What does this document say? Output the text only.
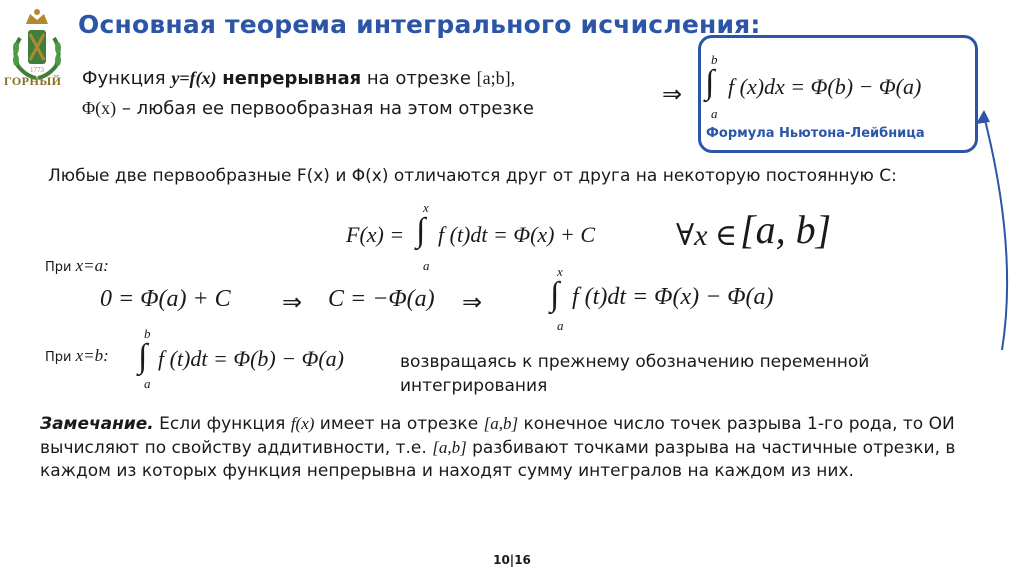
1773
ГОРНЫЙ
Основная теорема интегрального исчисления:
Функция y=f(x) непрерывная на отрезке [a;b],
Φ(x) – любая ее первообразная на этом отрезке
⇒
b
∫
a
f (x)dx = Φ(b) − Φ(a)
Формула Ньютона-Лейбница
Любые две первообразные F(x) и Φ(x) отличаются друг от друга на некоторую постоянную С:
F(x) =
x
∫
a
f (t)dt = Φ(x) + C	∀x ∈ [a, b]
При x=a:
0 = Φ(a) + C ⇒ C = −Φ(a) ⇒
x
∫
a
f (t)dt = Φ(x) − Φ(a)
При x=b:
b
∫
a
f (t)dt = Φ(b) − Φ(a)	возвращаясь к прежнему обозначению переменной
интегрирования
Замечание. Если функция f(x) имеет на отрезке [a,b] конечное число точек разрыва 1-го рода, то ОИ вычисляют по свойству аддитивности, т.е. [a,b] разбивают точками разрыва на частичные отрезки, в каждом из которых функция непрерывна и находят сумму интегралов на каждом из них.
10|16
